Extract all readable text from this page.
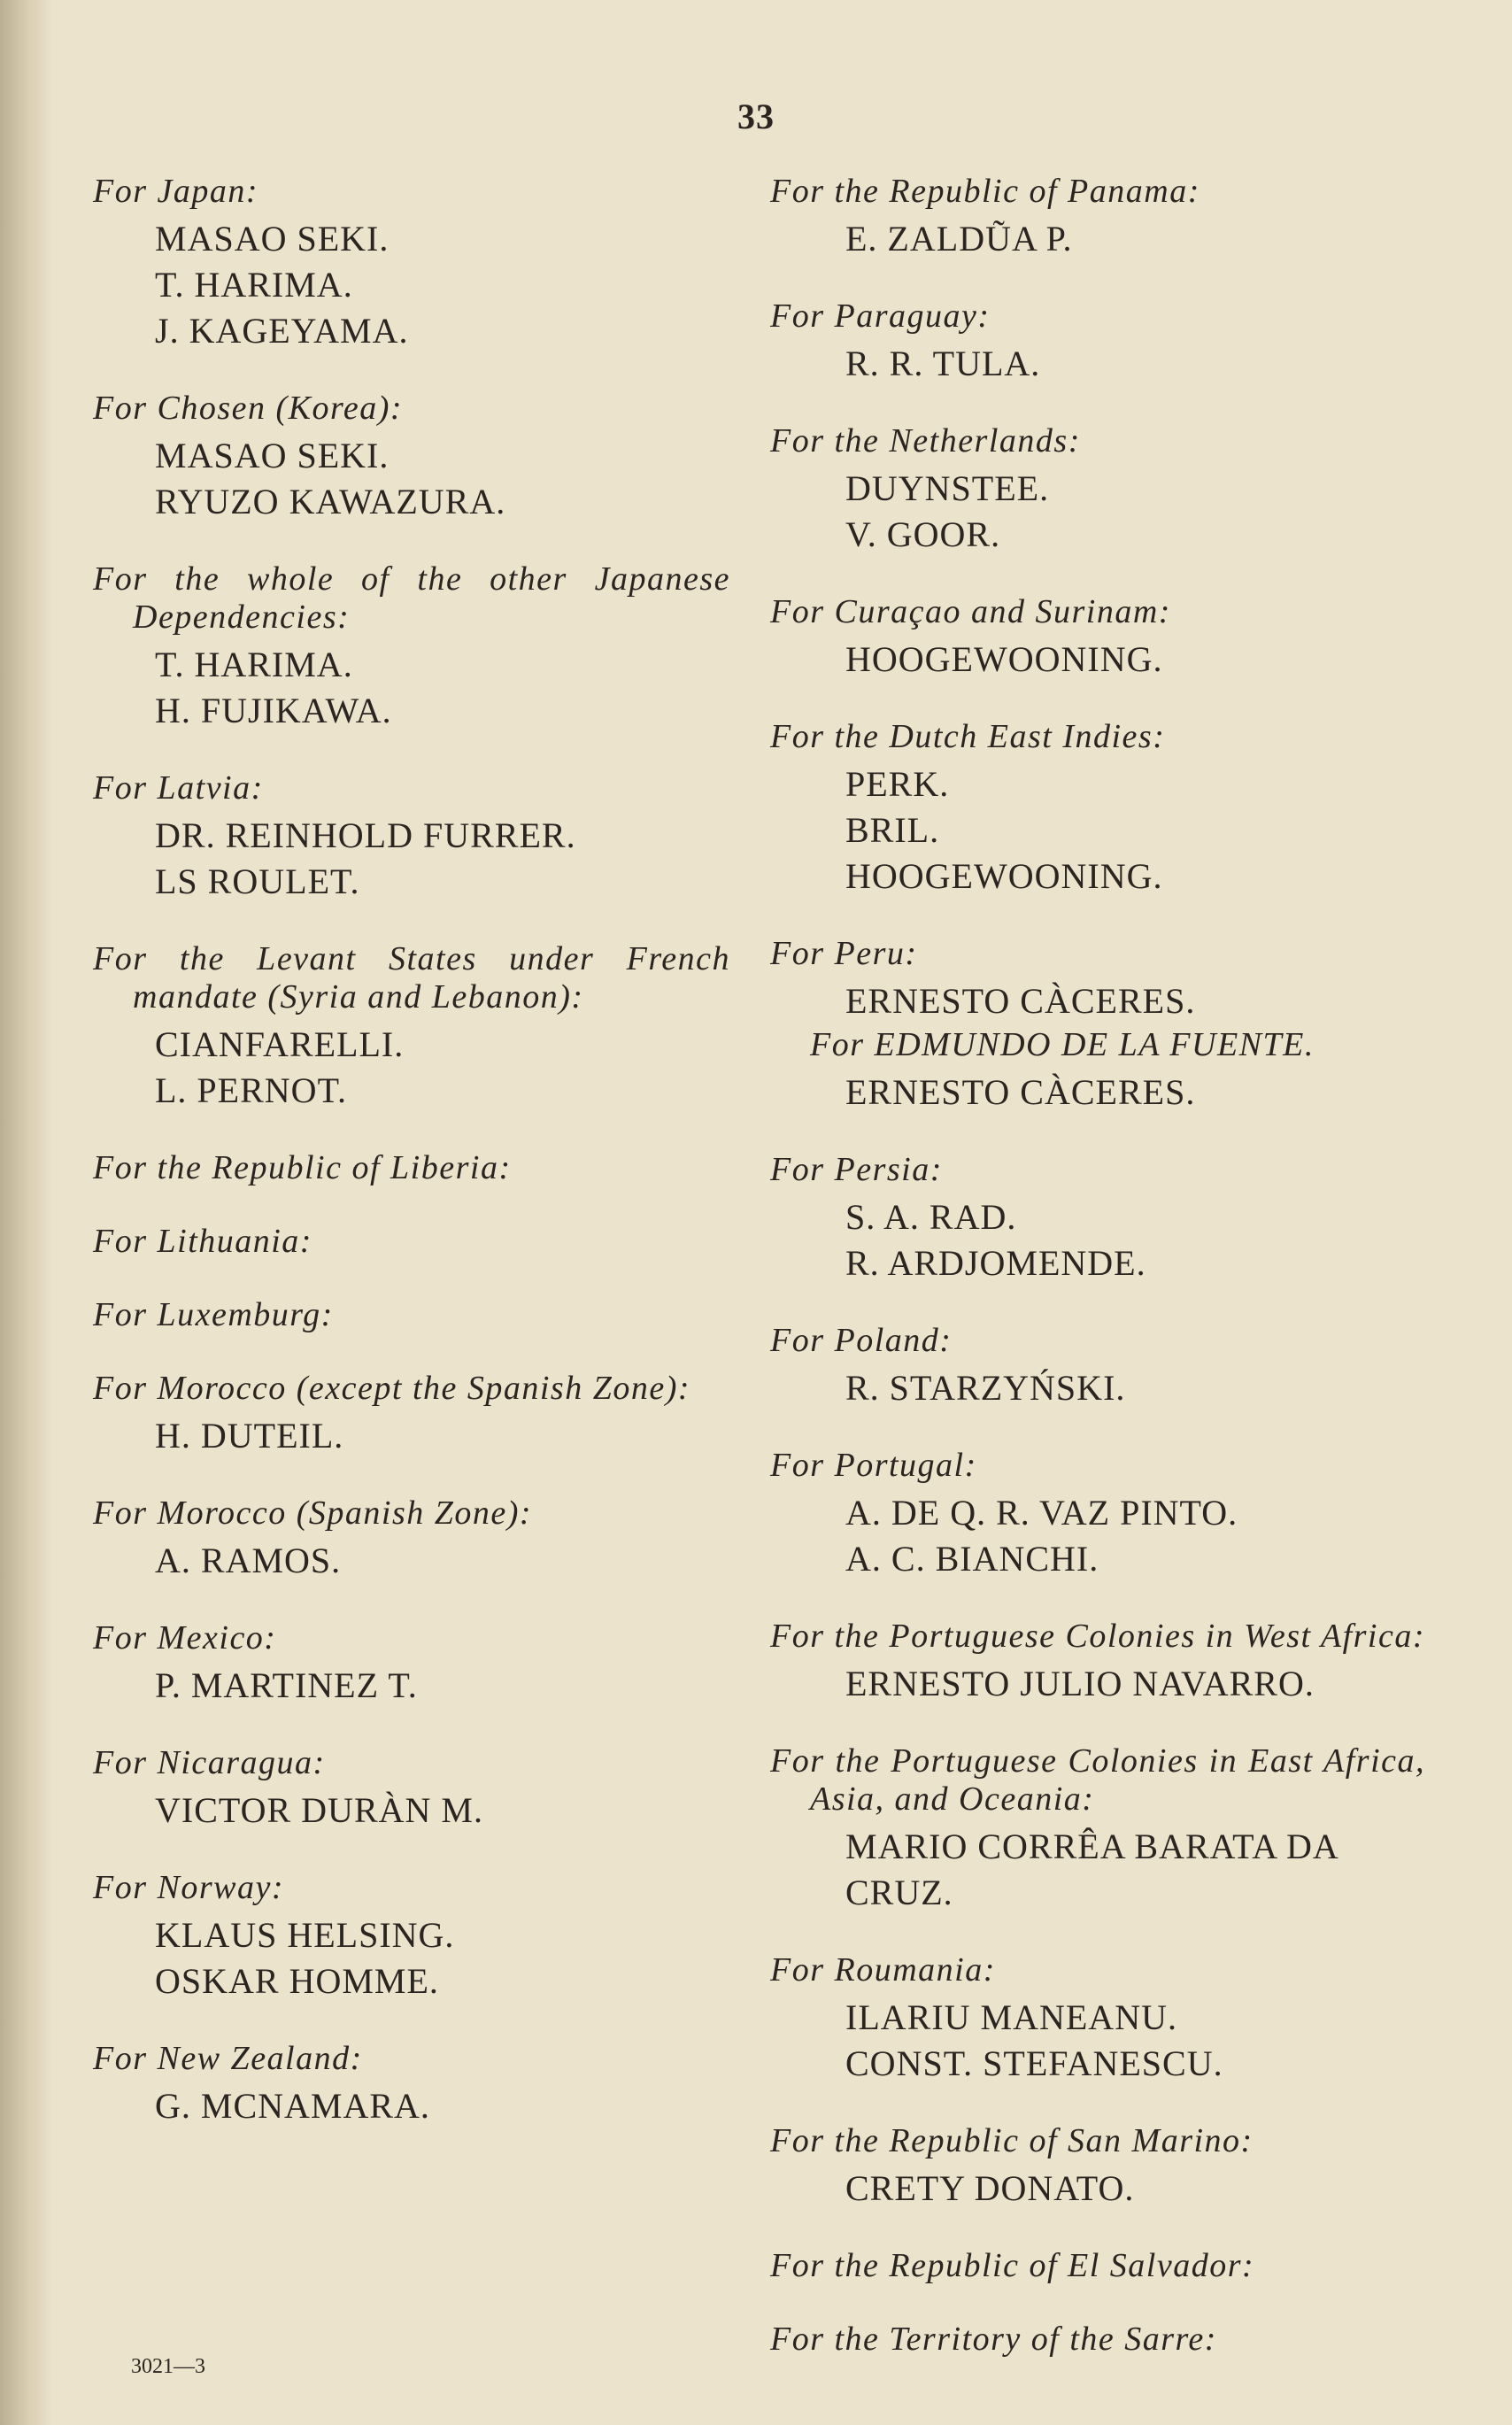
33
For Japan:
MASAO SEKI.
T. HARIMA.
J. KAGEYAMA.
For Chosen (Korea):
MASAO SEKI.
RYUZO KAWAZURA.
For the whole of the other Japanese Dependencies:
T. HARIMA.
H. FUJIKAWA.
For Latvia:
DR. REINHOLD FURRER.
LS ROULET.
For the Levant States under French mandate (Syria and Lebanon):
CIANFARELLI.
L. PERNOT.
For the Republic of Liberia:
For Lithuania:
For Luxemburg:
For Morocco (except the Spanish Zone):
H. DUTEIL.
For Morocco (Spanish Zone):
A. RAMOS.
For Mexico:
P. MARTINEZ T.
For Nicaragua:
VICTOR DURÀN M.
For Norway:
KLAUS HELSING.
OSKAR HOMME.
For New Zealand:
G. MCNAMARA.
For the Republic of Panama:
E. ZALDŨA P.
For Paraguay:
R. R. TULA.
For the Netherlands:
DUYNSTEE.
V. GOOR.
For Curaçao and Surinam:
HOOGEWOONING.
For the Dutch East Indies:
PERK.
BRIL.
HOOGEWOONING.
For Peru:
ERNESTO CÀCERES.
For EDMUNDO DE LA FUENTE.
ERNESTO CÀCERES.
For Persia:
S. A. RAD.
R. ARDJOMENDE.
For Poland:
R. STARZYŃSKI.
For Portugal:
A. DE Q. R. VAZ PINTO.
A. C. BIANCHI.
For the Portuguese Colonies in West Africa:
ERNESTO JULIO NAVARRO.
For the Portuguese Colonies in East Africa, Asia, and Oceania:
MARIO CORRÊA BARATA DA CRUZ.
For Roumania:
ILARIU MANEANU.
CONST. STEFANESCU.
For the Republic of San Marino:
CRETY DONATO.
For the Republic of El Salvador:
For the Territory of the Sarre:
3021—3
